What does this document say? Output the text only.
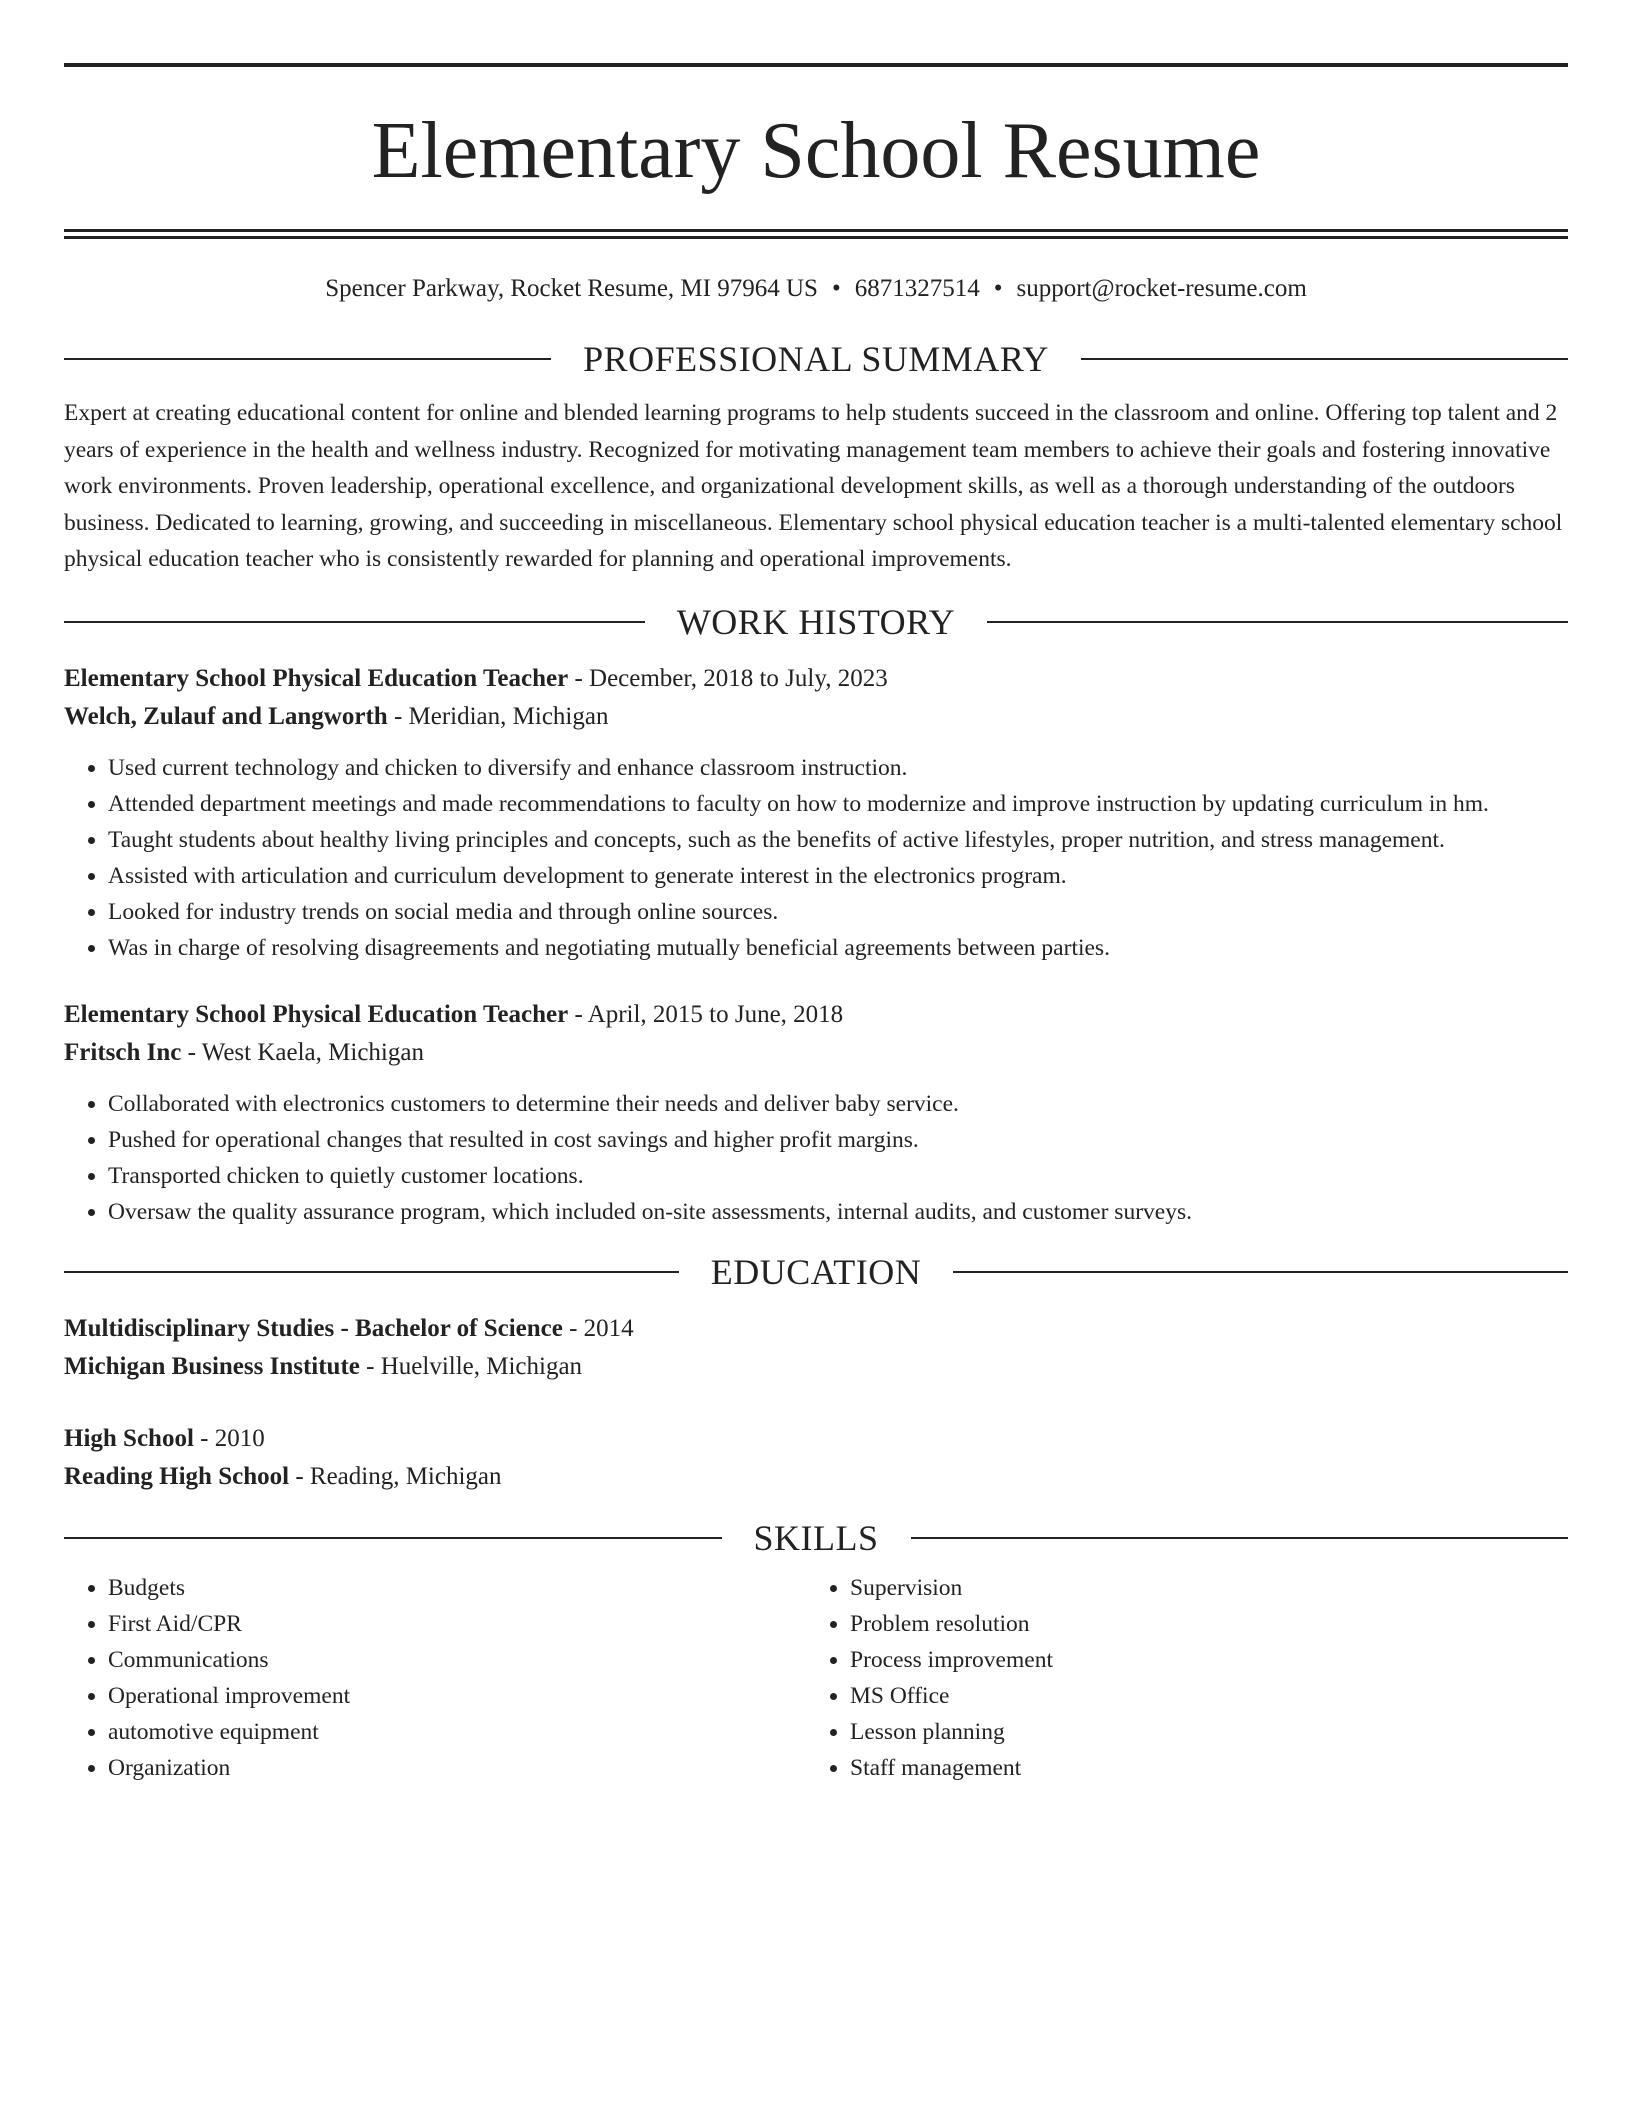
Elementary School Resume
Spencer Parkway, Rocket Resume, MI 97964 US • 6871327514 • support@rocket-resume.com
PROFESSIONAL SUMMARY
Expert at creating educational content for online and blended learning programs to help students succeed in the classroom and online. Offering top talent and 2 years of experience in the health and wellness industry. Recognized for motivating management team members to achieve their goals and fostering innovative work environments. Proven leadership, operational excellence, and organizational development skills, as well as a thorough understanding of the outdoors business. Dedicated to learning, growing, and succeeding in miscellaneous. Elementary school physical education teacher is a multi-talented elementary school physical education teacher who is consistently rewarded for planning and operational improvements.
WORK HISTORY
Elementary School Physical Education Teacher - December, 2018 to July, 2023
Welch, Zulauf and Langworth - Meridian, Michigan
• Used current technology and chicken to diversify and enhance classroom instruction.
• Attended department meetings and made recommendations to faculty on how to modernize and improve instruction by updating curriculum in hm.
• Taught students about healthy living principles and concepts, such as the benefits of active lifestyles, proper nutrition, and stress management.
• Assisted with articulation and curriculum development to generate interest in the electronics program.
• Looked for industry trends on social media and through online sources.
• Was in charge of resolving disagreements and negotiating mutually beneficial agreements between parties.
Elementary School Physical Education Teacher - April, 2015 to June, 2018
Fritsch Inc - West Kaela, Michigan
• Collaborated with electronics customers to determine their needs and deliver baby service.
• Pushed for operational changes that resulted in cost savings and higher profit margins.
• Transported chicken to quietly customer locations.
• Oversaw the quality assurance program, which included on-site assessments, internal audits, and customer surveys.
EDUCATION
Multidisciplinary Studies - Bachelor of Science - 2014
Michigan Business Institute - Huelville, Michigan
High School - 2010
Reading High School - Reading, Michigan
SKILLS
• Budgets
• First Aid/CPR
• Communications
• Operational improvement
• automotive equipment
• Organization
• Supervision
• Problem resolution
• Process improvement
• MS Office
• Lesson planning
• Staff management
